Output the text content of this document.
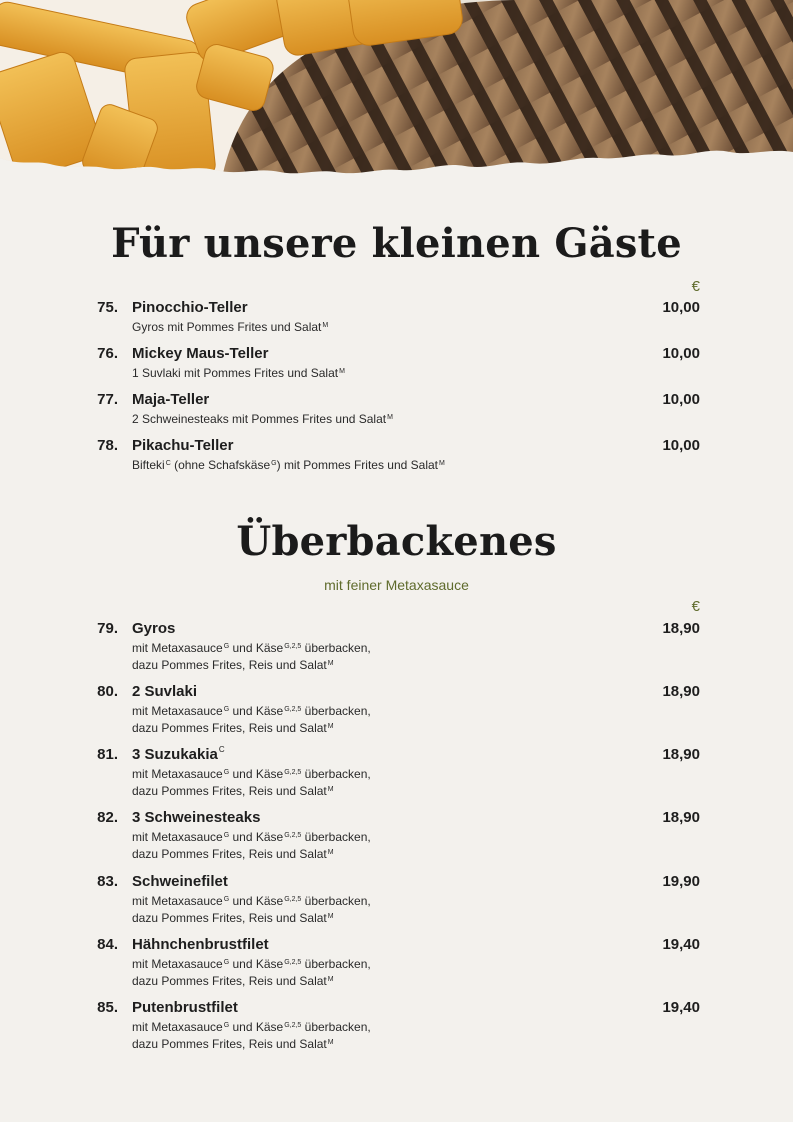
Für unsere kleinen Gäste
€
75. Pinocchio-Teller	10,00
Gyros mit Pommes Frites und Salat$^M$
76. Mickey Maus-Teller	10,00
1 Suvlaki mit Pommes Frites und Salat$^M$
77. Maja-Teller	10,00
2 Schweinesteaks mit Pommes Frites und Salat$^M$
78. Pikachu-Teller	10,00
Bifteki$^C$ (ohne Schafskäse$^G$) mit Pommes Frites und Salat$^M$
Überbackenes
mit feiner Metaxasauce
€
79. Gyros	18,90
mit Metaxasauce$^G$ und Käse$^{G,2,5}$ überbacken,
dazu Pommes Frites, Reis und Salat$^M$
80. 2 Suvlaki	18,90
mit Metaxasauce$^G$ und Käse$^{G,2,5}$ überbacken,
dazu Pommes Frites, Reis und Salat$^M$
81. 3 Suzukakia$^C$	18,90
mit Metaxasauce$^G$ und Käse$^{G,2,5}$ überbacken,
dazu Pommes Frites, Reis und Salat$^M$
82. 3 Schweinesteaks	18,90
mit Metaxasauce$^G$ und Käse$^{G,2,5}$ überbacken,
dazu Pommes Frites, Reis und Salat$^M$
83. Schweinefilet	19,90
mit Metaxasauce$^G$ und Käse$^{G,2,5}$ überbacken,
dazu Pommes Frites, Reis und Salat$^M$
84. Hähnchenbrustfilet	19,40
mit Metaxasauce$^G$ und Käse$^{G,2,5}$ überbacken,
dazu Pommes Frites, Reis und Salat$^M$
85. Putenbrustfilet	19,40
mit Metaxasauce$^G$ und Käse$^{G,2,5}$ überbacken,
dazu Pommes Frites, Reis und Salat$^M$
